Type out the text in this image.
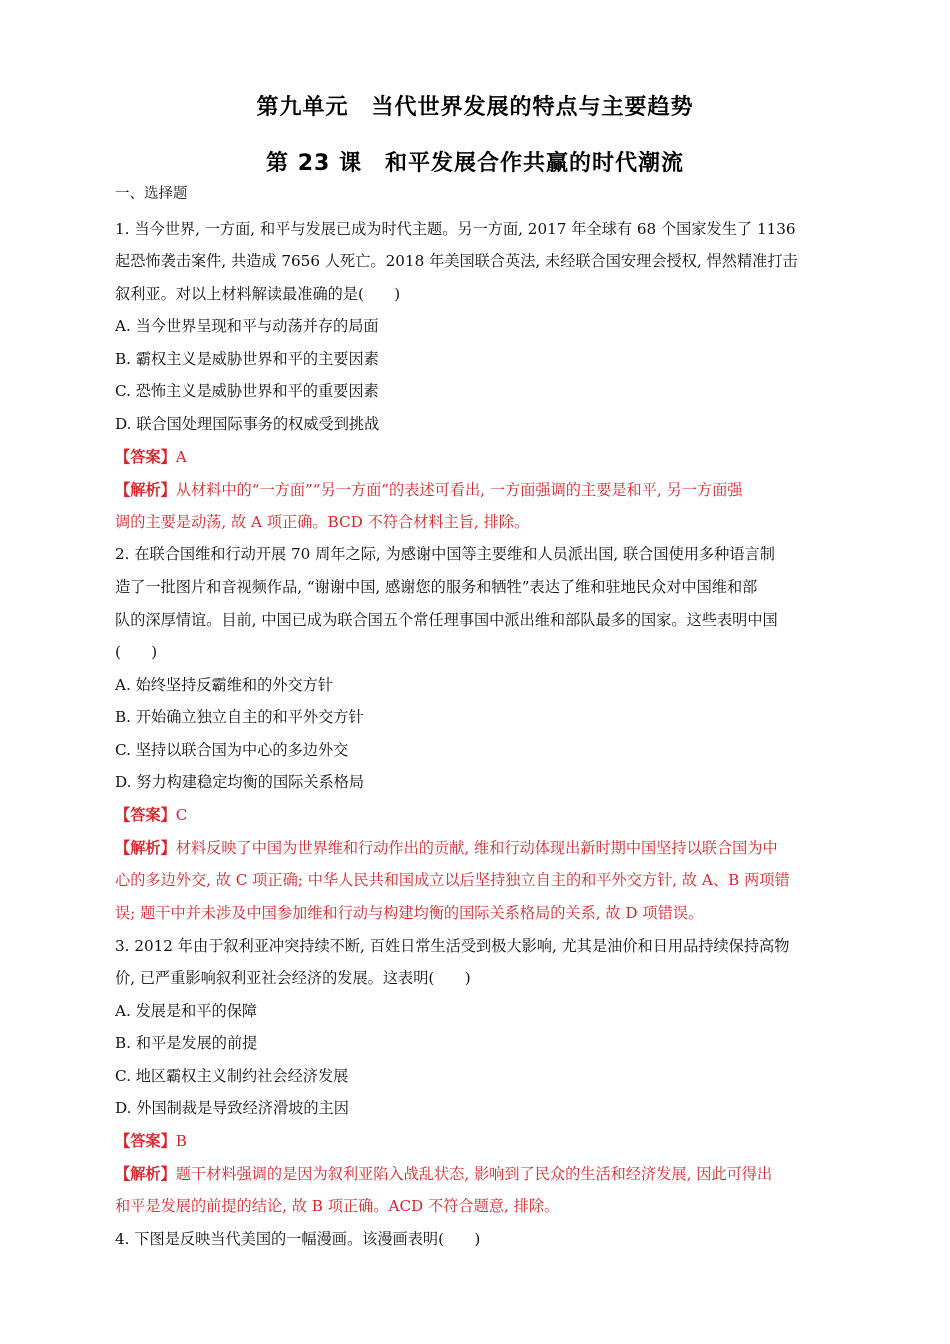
第九单元　当代世界发展的特点与主要趋势
第 23 课　和平发展合作共赢的时代潮流
一、选择题
1. 当今世界, 一方面, 和平与发展已成为时代主题。另一方面, 2017 年全球有 68 个国家发生了 1136
起恐怖袭击案件, 共造成 7656 人死亡。2018 年美国联合英法, 未经联合国安理会授权, 悍然精准打击
叙利亚。对以上材料解读最准确的是(　　)
A. 当今世界呈现和平与动荡并存的局面
B. 霸权主义是威胁世界和平的主要因素
C. 恐怖主义是威胁世界和平的重要因素
D. 联合国处理国际事务的权威受到挑战
【答案】A
【解析】从材料中的“一方面”“另一方面”的表述可看出, 一方面强调的主要是和平, 另一方面强
调的主要是动荡, 故 A 项正确。BCD 不符合材料主旨, 排除。
2. 在联合国维和行动开展 70 周年之际, 为感谢中国等主要维和人员派出国, 联合国使用多种语言制
造了一批图片和音视频作品, “谢谢中国, 感谢您的服务和牺牲”表达了维和驻地民众对中国维和部
队的深厚情谊。目前, 中国已成为联合国五个常任理事国中派出维和部队最多的国家。这些表明中国
(　　)
A. 始终坚持反霸维和的外交方针
B. 开始确立独立自主的和平外交方针
C. 坚持以联合国为中心的多边外交
D. 努力构建稳定均衡的国际关系格局
【答案】C
【解析】材料反映了中国为世界维和行动作出的贡献, 维和行动体现出新时期中国坚持以联合国为中
心的多边外交, 故 C 项正确; 中华人民共和国成立以后坚持独立自主的和平外交方针, 故 A、B 两项错
误; 题干中并未涉及中国参加维和行动与构建均衡的国际关系格局的关系, 故 D 项错误。
3. 2012 年由于叙利亚冲突持续不断, 百姓日常生活受到极大影响, 尤其是油价和日用品持续保持高物
价, 已严重影响叙利亚社会经济的发展。这表明(　　)
A. 发展是和平的保障
B. 和平是发展的前提
C. 地区霸权主义制约社会经济发展
D. 外国制裁是导致经济滑坡的主因
【答案】B
【解析】题干材料强调的是因为叙利亚陷入战乱状态, 影响到了民众的生活和经济发展, 因此可得出
和平是发展的前提的结论, 故 B 项正确。ACD 不符合题意, 排除。
4. 下图是反映当代美国的一幅漫画。该漫画表明(　　)
